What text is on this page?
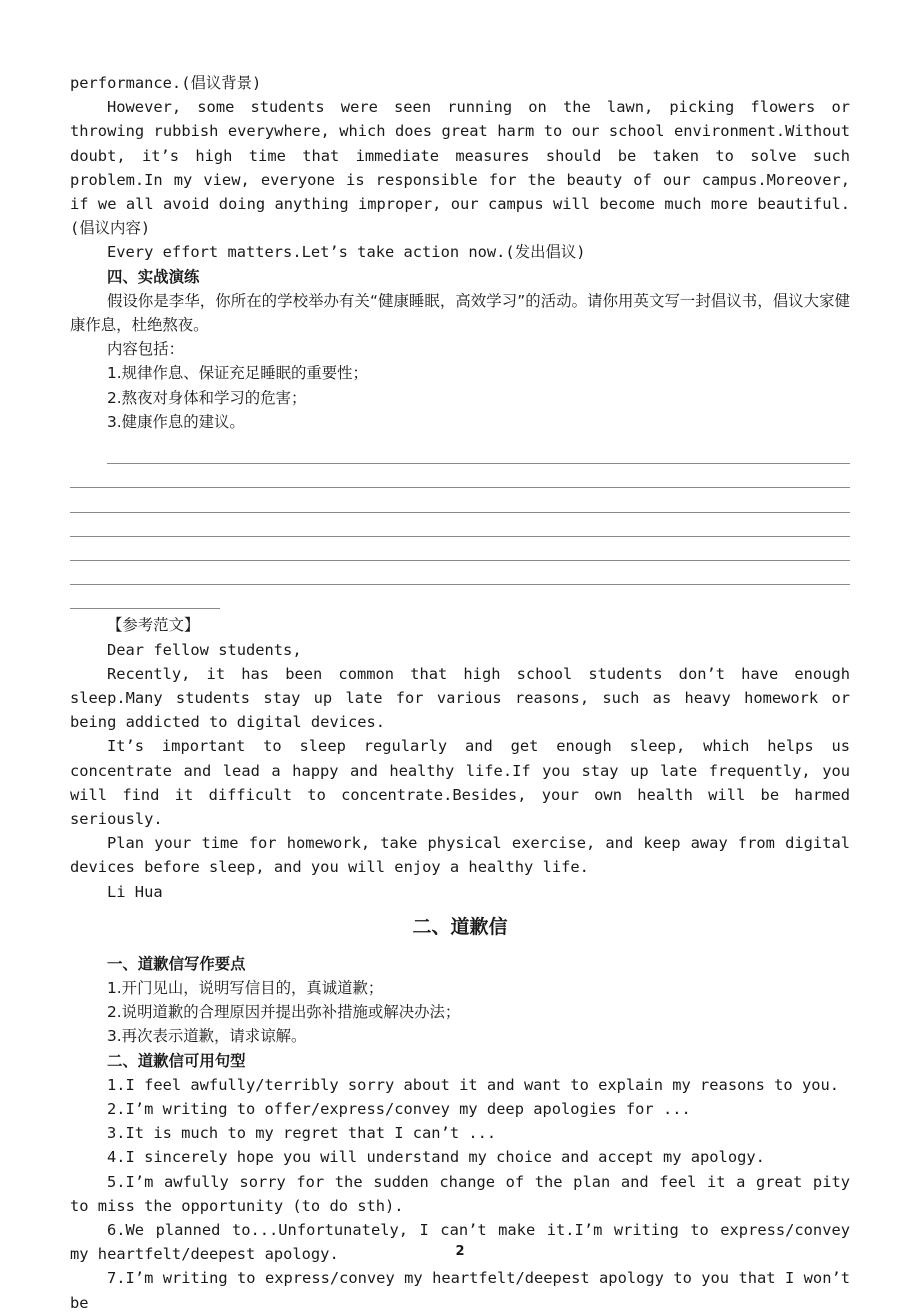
performance.(倡议背景)

However, some students were seen running on the lawn, picking flowers or throwing rubbish everywhere, which does great harm to our school environment.Without doubt, it’s high time that immediate measures should be taken to solve such problem.In my view, everyone is responsible for the beauty of our campus.Moreover, if we all avoid doing anything improper, our campus will become much more beautiful.(倡议内容)

Every effort matters.Let’s take action now.(发出倡议)

四、实战演练

假设你是李华，你所在的学校举办有关“健康睡眠，高效学习”的活动。请你用英文写一封倡议书，倡议大家健康作息，杜绝熬夜。

内容包括：

1.规律作息、保证充足睡眠的重要性；

2.熬夜对身体和学习的危害；

3.健康作息的建议。

【参考范文】

Dear fellow students,

Recently, it has been common that high school students don’t have enough sleep.Many students stay up late for various reasons, such as heavy homework or being addicted to digital devices.

It’s important to sleep regularly and get enough sleep, which helps us concentrate and lead a happy and healthy life.If you stay up late frequently, you will find it difficult to concentrate.Besides, your own health will be harmed seriously.

Plan your time for homework, take physical exercise, and keep away from digital devices before sleep, and you will enjoy a healthy life.

Li Hua

二、道歉信

一、道歉信写作要点

1.开门见山，说明写信目的，真诚道歉；

2.说明道歉的合理原因并提出弥补措施或解决办法；

3.再次表示道歉，请求谅解。

二、道歉信可用句型

1.I feel awfully/terribly sorry about it and want to explain my reasons to you.

2.I’m writing to offer/express/convey my deep apologies for ...

3.It is much to my regret that I can’t ...

4.I sincerely hope you will understand my choice and accept my apology.

5.I’m awfully sorry for the sudden change of the plan and feel it a great pity to miss the opportunity (to do sth).

6.We planned to...Unfortunately, I can’t make it.I’m writing to express/convey my heartfelt/deepest apology.

7.I’m writing to express/convey my heartfelt/deepest apology to you that I won’t be

2
